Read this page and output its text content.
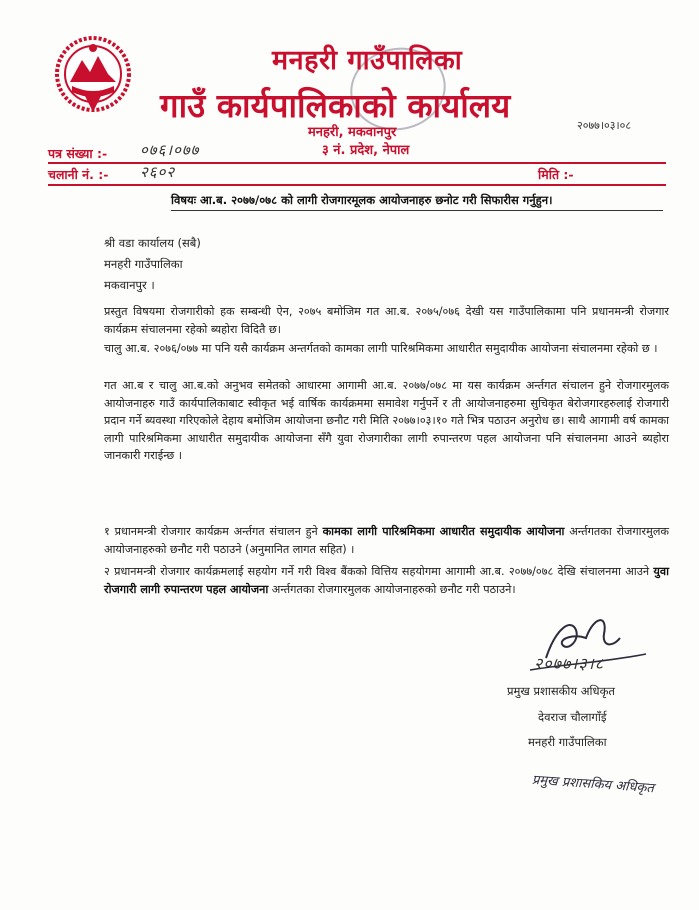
मनहरी गाउँपालिका
गाउँ कार्यपालिकाको कार्यालय
२०७७।०३।०८
मनहरी, मकवानपुर
३ नं. प्रदेश, नेपाल
पत्र संख्या :- ०७६।०७७
चलानी नं. :- २६०२	मिति :-
विषयः आ.ब. २०७७/०७८ को लागी रोजगारमूलक आयोजनाहरु छनोट गरी सिफारीस गर्नुहुन।
श्री वडा कार्यालय (सबै)
मनहरी गाउँपालिका
मकवानपुर ।
प्रस्तुत विषयमा रोजगारीको हक सम्बन्धी ऐन, २०७५ बमोजिम गत आ.ब. २०७५/०७६ देखी यस गाउँपालिकामा पनि प्रधानमन्त्री रोजगार कार्यक्रम संचालनमा रहेको ब्यहोरा विदितै छ।
चालु आ.ब. २०७६/०७७ मा पनि यसै कार्यक्रम अन्तर्गतको कामका लागी पारिश्रमिकमा आधारीत समुदायीक आयोजना संचालनमा रहेको छ ।
गत आ.ब र चालु आ.ब.को अनुभव समेतको आधारमा आगामी आ.ब. २०७७/०७८ मा यस कार्यक्रम अर्न्तगत संचालन हुने रोजगारमुलक आयोजनाहरु गाउँ कार्यपालिकाबाट स्वीकृत भई वार्षिक कार्यक्रममा समावेश गर्नुपर्ने र ती आयोजनाहरुमा सुचिकृत बेरोजगारहरुलाई रोजगारी प्रदान गर्ने ब्यवस्था गरिएकोले देहाय बमोजिम आयोजना छनौट गरी मिति २०७७।०३।१० गते भित्र पठाउन अनुरोध छ। साथै आगामी वर्ष कामका लागी पारिश्रमिकमा आधारीत समुदायीक आयोजना सँगै युवा रोजगारीका लागी रुपान्तरण पहल आयोजना पनि संचालनमा आउने ब्यहोरा जानकारी गराईन्छ ।
१ प्रधानमन्त्री रोजगार कार्यक्रम अर्न्तगत संचालन हुने कामका लागी पारिश्रमिकमा आधारीत समुदायीक आयोजना अर्न्तगतका रोजगारमुलक आयोजनाहरुको छनौट गरी पठाउने (अनुमानित लागत सहित) ।
२ प्रधानमन्त्री रोजगार कार्यक्रमलाई सहयोग गर्ने गरी विश्व बैंकको वित्तिय सहयोगमा आगामी आ.ब. २०७७/०७८ देखि संचालनमा आउने युवा रोजगारी लागी रुपान्तरण पहल आयोजना अर्न्तगतका रोजगारमुलक आयोजनाहरुको छनौट गरी पठाउने।
२०७७।३।८
प्रमुख प्रशासकीय अधिकृत
देवराज चौलागाँई
मनहरी गाउँपालिका
प्रमुख प्रशासकिय अधिकृत
